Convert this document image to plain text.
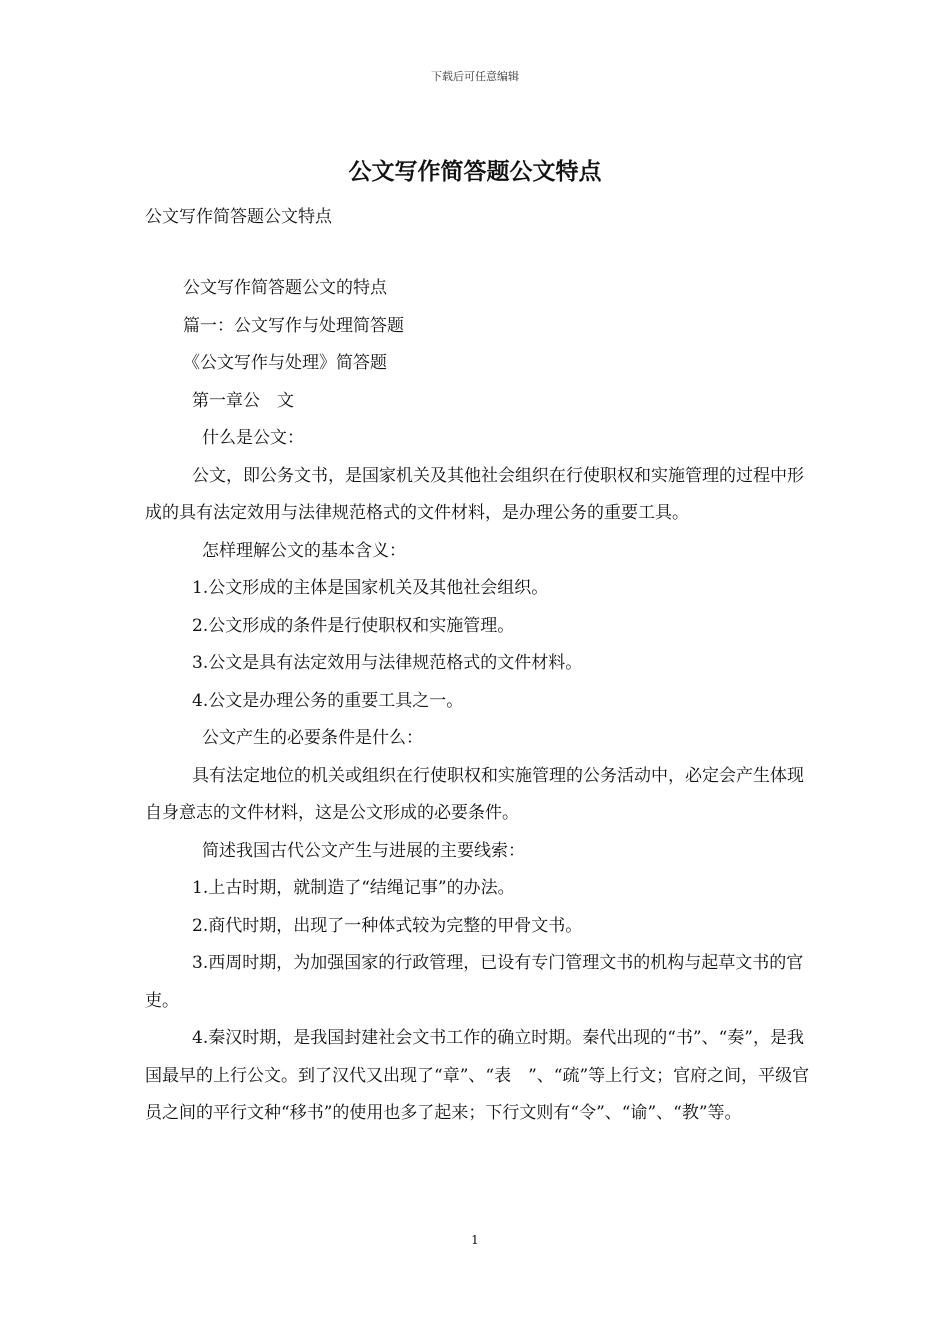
下载后可任意编辑
公文写作简答题公文特点
公文写作简答题公文特点

公文写作简答题公文的特点

篇一：公文写作与处理简答题

《公文写作与处理》简答题

第一章公　文

什么是公文：

公文，即公务文书，是国家机关及其他社会组织在行使职权和实施管理的过程中形成的具有法定效用与法律规范格式的文件材料，是办理公务的重要工具。

怎样理解公文的基本含义：

1.公文形成的主体是国家机关及其他社会组织。

2.公文形成的条件是行使职权和实施管理。

3.公文是具有法定效用与法律规范格式的文件材料。

4.公文是办理公务的重要工具之一。

公文产生的必要条件是什么：

具有法定地位的机关或组织在行使职权和实施管理的公务活动中，必定会产生体现自身意志的文件材料，这是公文形成的必要条件。

简述我国古代公文产生与进展的主要线索：

1.上古时期，就制造了“结绳记事”的办法。

2.商代时期，出现了一种体式较为完整的甲骨文书。

3.西周时期，为加强国家的行政管理，已设有专门管理文书的机构与起草文书的官吏。

4.秦汉时期，是我国封建社会文书工作的确立时期。秦代出现的“书”、“奏”，是我国最早的上行公文。到了汉代又出现了“章”、“表　”、“疏”等上行文；官府之间，平级官员之间的平行文种“移书”的使用也多了起来；下行文则有“令”、“谕”、“教”等。

1
